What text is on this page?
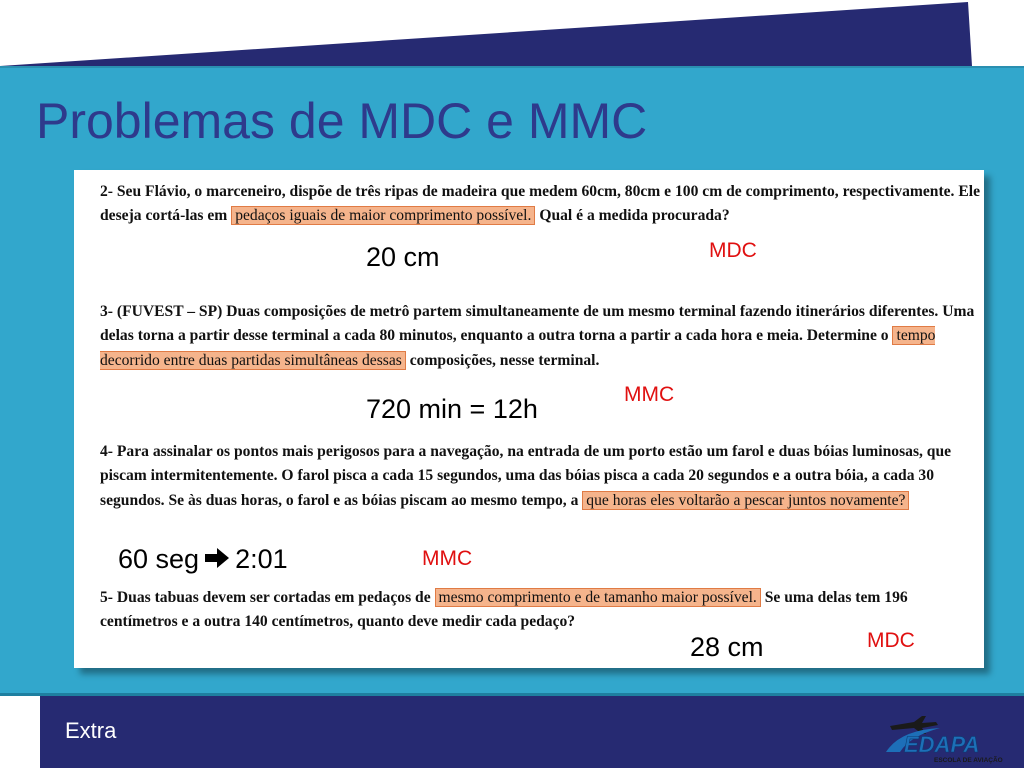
Problemas de MDC e MMC

2- Seu Flávio, o marceneiro, dispõe de três ripas de madeira que medem 60cm, 80cm e 100 cm de comprimento, respectivamente. Ele deseja cortá-las em pedaços iguais de maior comprimento possível. Qual é a medida procurada?

3- (FUVEST – SP) Duas composições de metrô partem simultaneamente de um mesmo terminal fazendo itinerários diferentes. Uma delas torna a partir desse terminal a cada 80 minutos, enquanto a outra torna a partir a cada hora e meia. Determine o tempo decorrido entre duas partidas simultâneas dessas composições, nesse terminal.

4- Para assinalar os pontos mais perigosos para a navegação, na entrada de um porto estão um farol e duas bóias luminosas, que piscam intermitentemente. O farol pisca a cada 15 segundos, uma das bóias pisca a cada 20 segundos e a outra bóia, a cada 30 segundos. Se às duas horas, o farol e as bóias piscam ao mesmo tempo, a que horas eles voltarão a pescar juntos novamente?

5- Duas tabuas devem ser cortadas em pedaços de mesmo comprimento e de tamanho maior possível. Se uma delas tem 196 centímetros e a outra 140 centímetros, quanto deve medir cada pedaço?

20 cm	MDC
720 min = 12h	MMC
60 seg 2:01	MMC
28 cm	MDC
Extra
EDAPA
ESCOLA DE AVIAÇÃO
